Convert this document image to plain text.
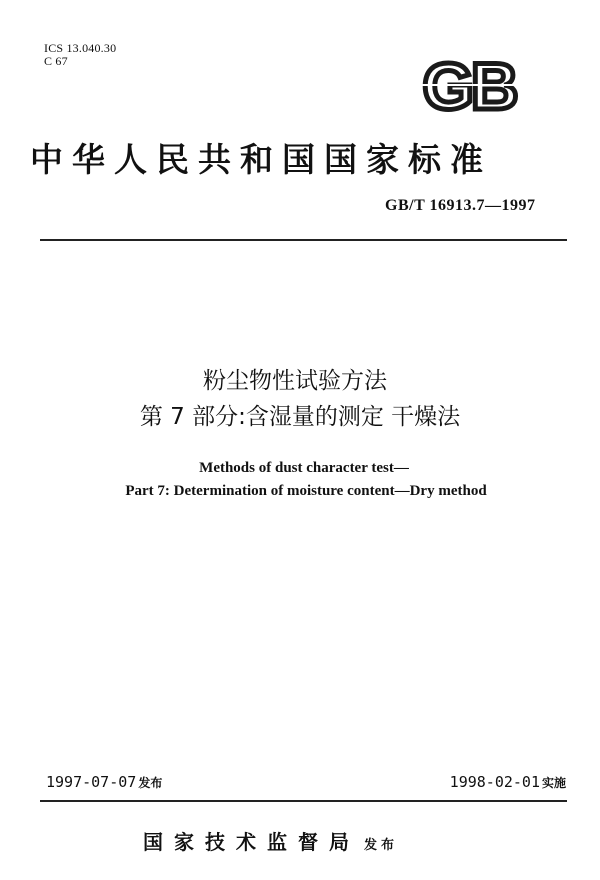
ICS 13.040.30
C 67	GB
中华人民共和国国家标准
GB/T 16913.7—1997
粉尘物性试验方法
第 7 部分:含湿量的测定 干燥法
Methods of dust character test—
Part 7: Determination of moisture content—Dry method
1997-07-07 发布	1998-02-01 实施
国家技术监督局 发布
